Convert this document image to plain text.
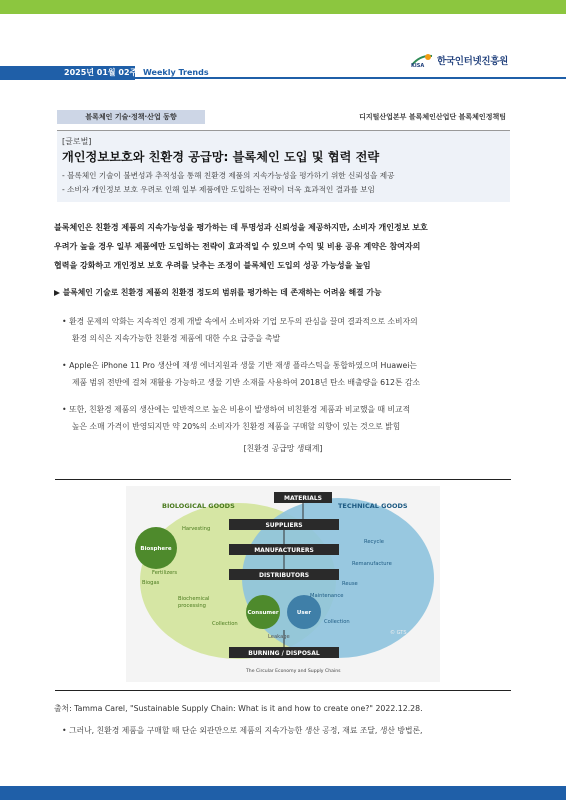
2025년 01월 02주 Weekly Trends
KISA 한국인터넷진흥원
블록체인 기술·정책·산업 동향	디지털산업본부 블록체인산업단 블록체인정책팀
[글로벌]
개인정보보호와 친환경 공급망: 블록체인 도입 및 협력 전략
- 블록체인 기술이 불변성과 추적성을 통해 친환경 제품의 지속가능성을 평가하기 위한 신뢰성을 제공
- 소비자 개인정보 보호 우려로 인해 일부 제품에만 도입하는 전략이 더욱 효과적인 결과를 보임
블록체인은 친환경 제품의 지속가능성을 평가하는 데 투명성과 신뢰성을 제공하지만, 소비자 개인정보 보호
우려가 높을 경우 일부 제품에만 도입하는 전략이 효과적일 수 있으며 수익 및 비용 공유 계약은 참여자의
협력을 강화하고 개인정보 보호 우려를 낮추는 조정이 블록체인 도입의 성공 가능성을 높임
▶ 블록체인 기술로 친환경 제품의 친환경 정도의 범위를 평가하는 데 존재하는 어려움 해결 가능
• 환경 문제의 악화는 지속적인 경제 개발 속에서 소비자와 기업 모두의 관심을 끌며 결과적으로 소비자의
환경 의식은 지속가능한 친환경 제품에 대한 수요 급증을 촉발
• Apple은 iPhone 11 Pro 생산에 재생 에너지원과 생물 기반 재생 플라스틱을 통합하였으며 Huawei는
제품 범위 전반에 걸쳐 재활용 가능하고 생물 기반 소재를 사용하여 2018년 탄소 배출량을 612톤 감소
• 또한, 친환경 제품의 생산에는 일반적으로 높은 비용이 발생하여 비친환경 제품과 비교했을 때 비교적
높은 소매 가격이 반영되지만 약 20%의 소비자가 친환경 제품을 구매할 의향이 있는 것으로 밝힘
[친환경 공급망 생태계]
BIOLOGICAL GOODS	TECHNICAL GOODS
MATERIALS
SUPPLIERS
MANUFACTURERS
DISTRIBUTORS
BURNING / DISPOSAL
Biosphere
Consumer	User
Harvesting
Fertilizers
Biogas
Biochemical
processing
Collection
Recycle
Remanufacture
Reuse
Maintenance
Collection
Leakage
© GTS
The Circular Economy and Supply Chains
출처: Tamma Carel, "Sustainable Supply Chain: What is it and how to create one?" 2022.12.28.
• 그러나, 친환경 제품을 구매할 때 단순 외관만으로 제품의 지속가능한 생산 공정, 재료 조달, 생산 방법론,
